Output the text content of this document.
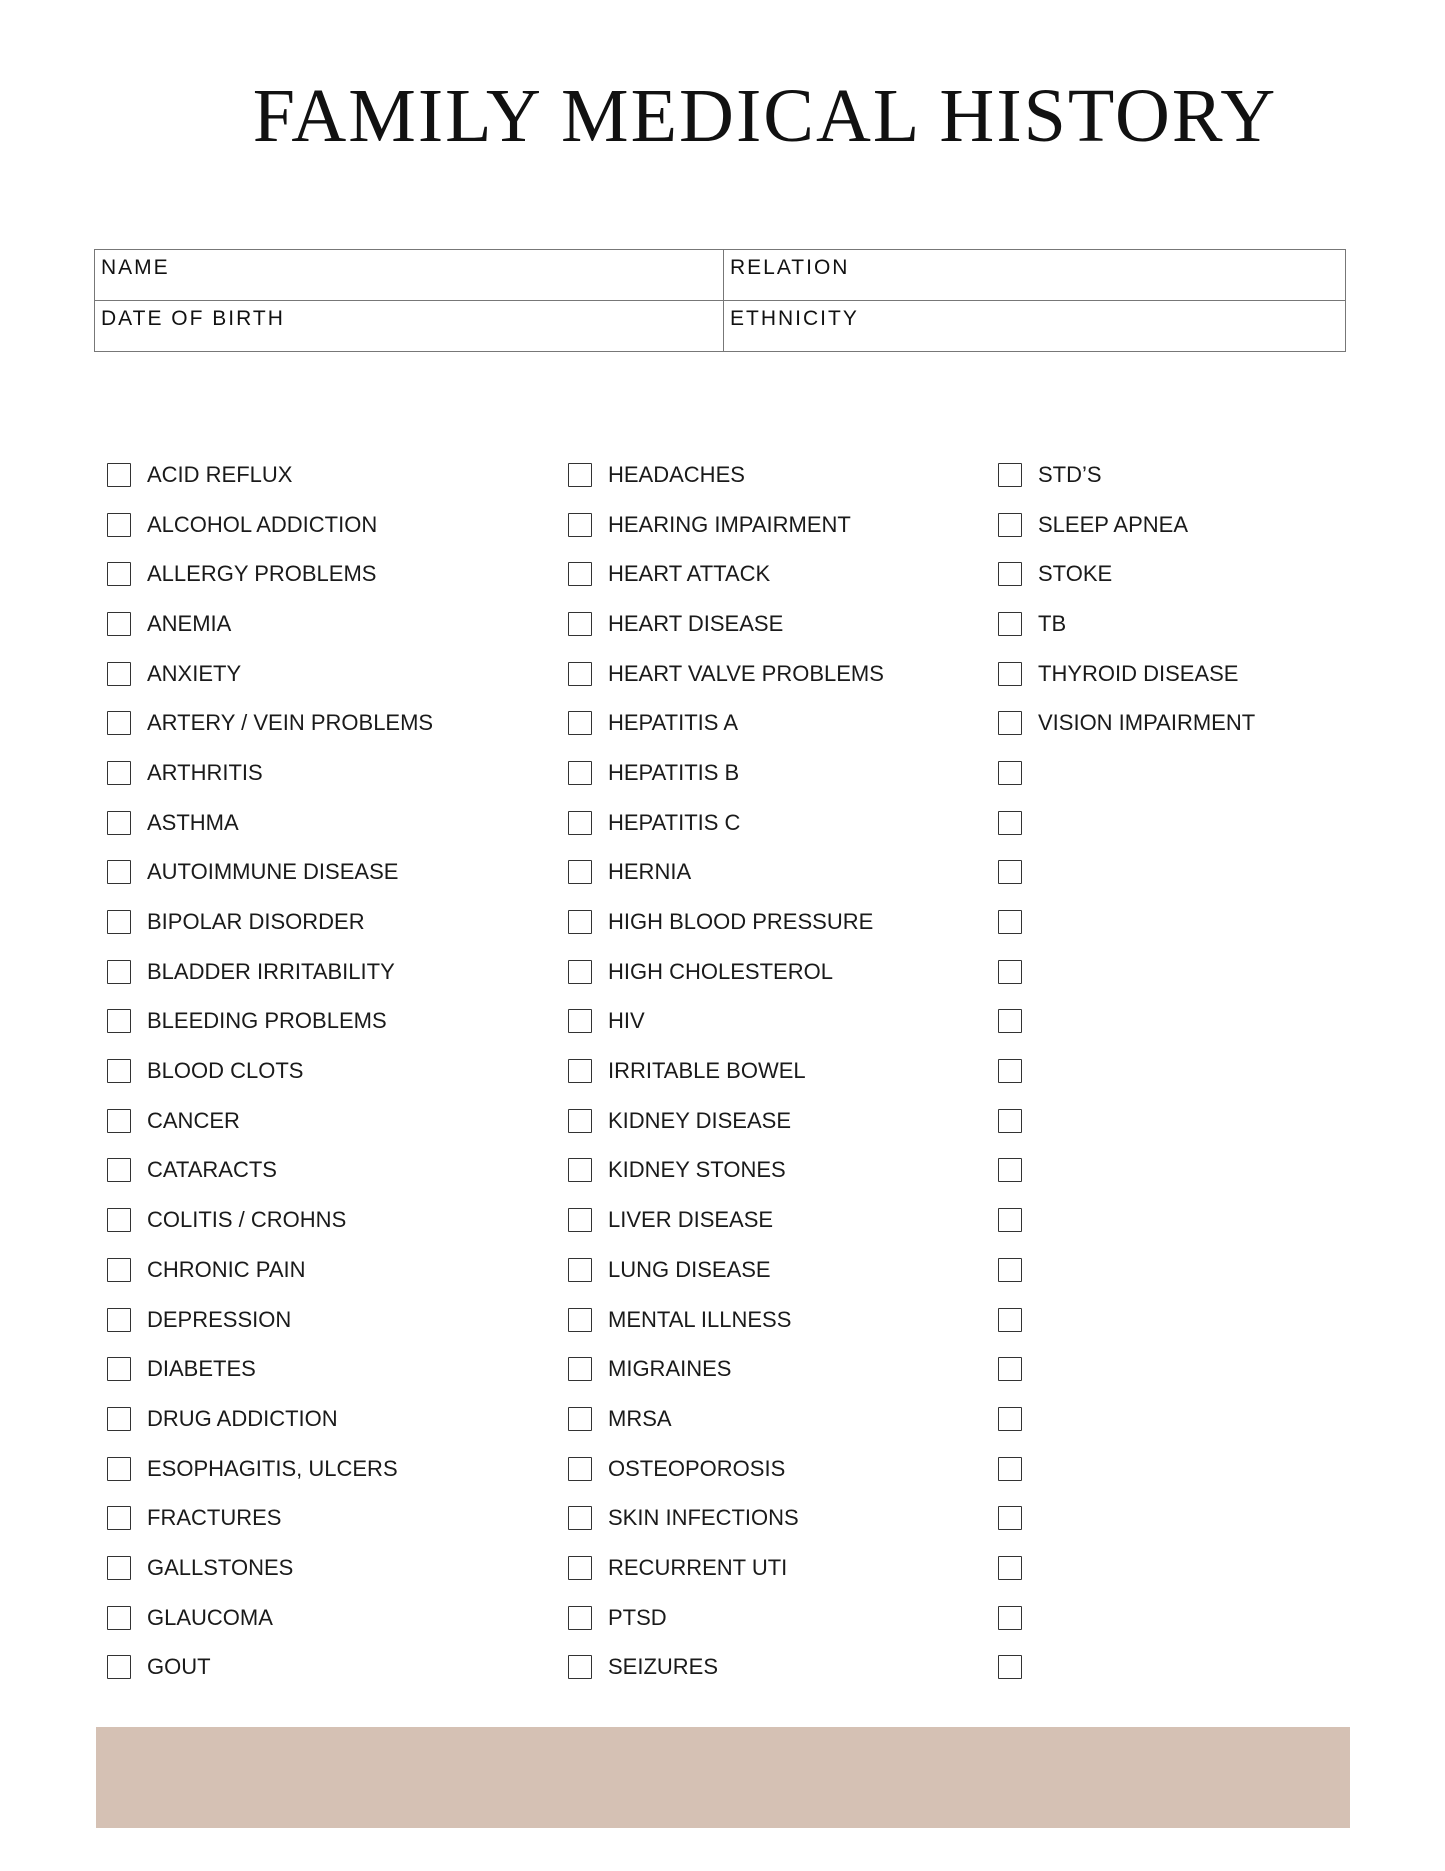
FAMILY MEDICAL HISTORY
NAME	RELATION
DATE OF BIRTH	ETHNICITY
ACID REFLUX
ALCOHOL ADDICTION
ALLERGY PROBLEMS
ANEMIA
ANXIETY
ARTERY / VEIN PROBLEMS
ARTHRITIS
ASTHMA
AUTOIMMUNE DISEASE
BIPOLAR DISORDER
BLADDER IRRITABILITY
BLEEDING PROBLEMS
BLOOD CLOTS
CANCER
CATARACTS
COLITIS / CROHNS
CHRONIC PAIN
DEPRESSION
DIABETES
DRUG ADDICTION
ESOPHAGITIS, ULCERS
FRACTURES
GALLSTONES
GLAUCOMA
GOUT
HEADACHES
HEARING IMPAIRMENT
HEART ATTACK
HEART DISEASE
HEART VALVE PROBLEMS
HEPATITIS A
HEPATITIS B
HEPATITIS C
HERNIA
HIGH BLOOD PRESSURE
HIGH CHOLESTEROL
HIV
IRRITABLE BOWEL
KIDNEY DISEASE
KIDNEY STONES
LIVER DISEASE
LUNG DISEASE
MENTAL ILLNESS
MIGRAINES
MRSA
OSTEOPOROSIS
SKIN INFECTIONS
RECURRENT UTI
PTSD
SEIZURES
STD’S
SLEEP APNEA
STOKE
TB
THYROID DISEASE
VISION IMPAIRMENT
